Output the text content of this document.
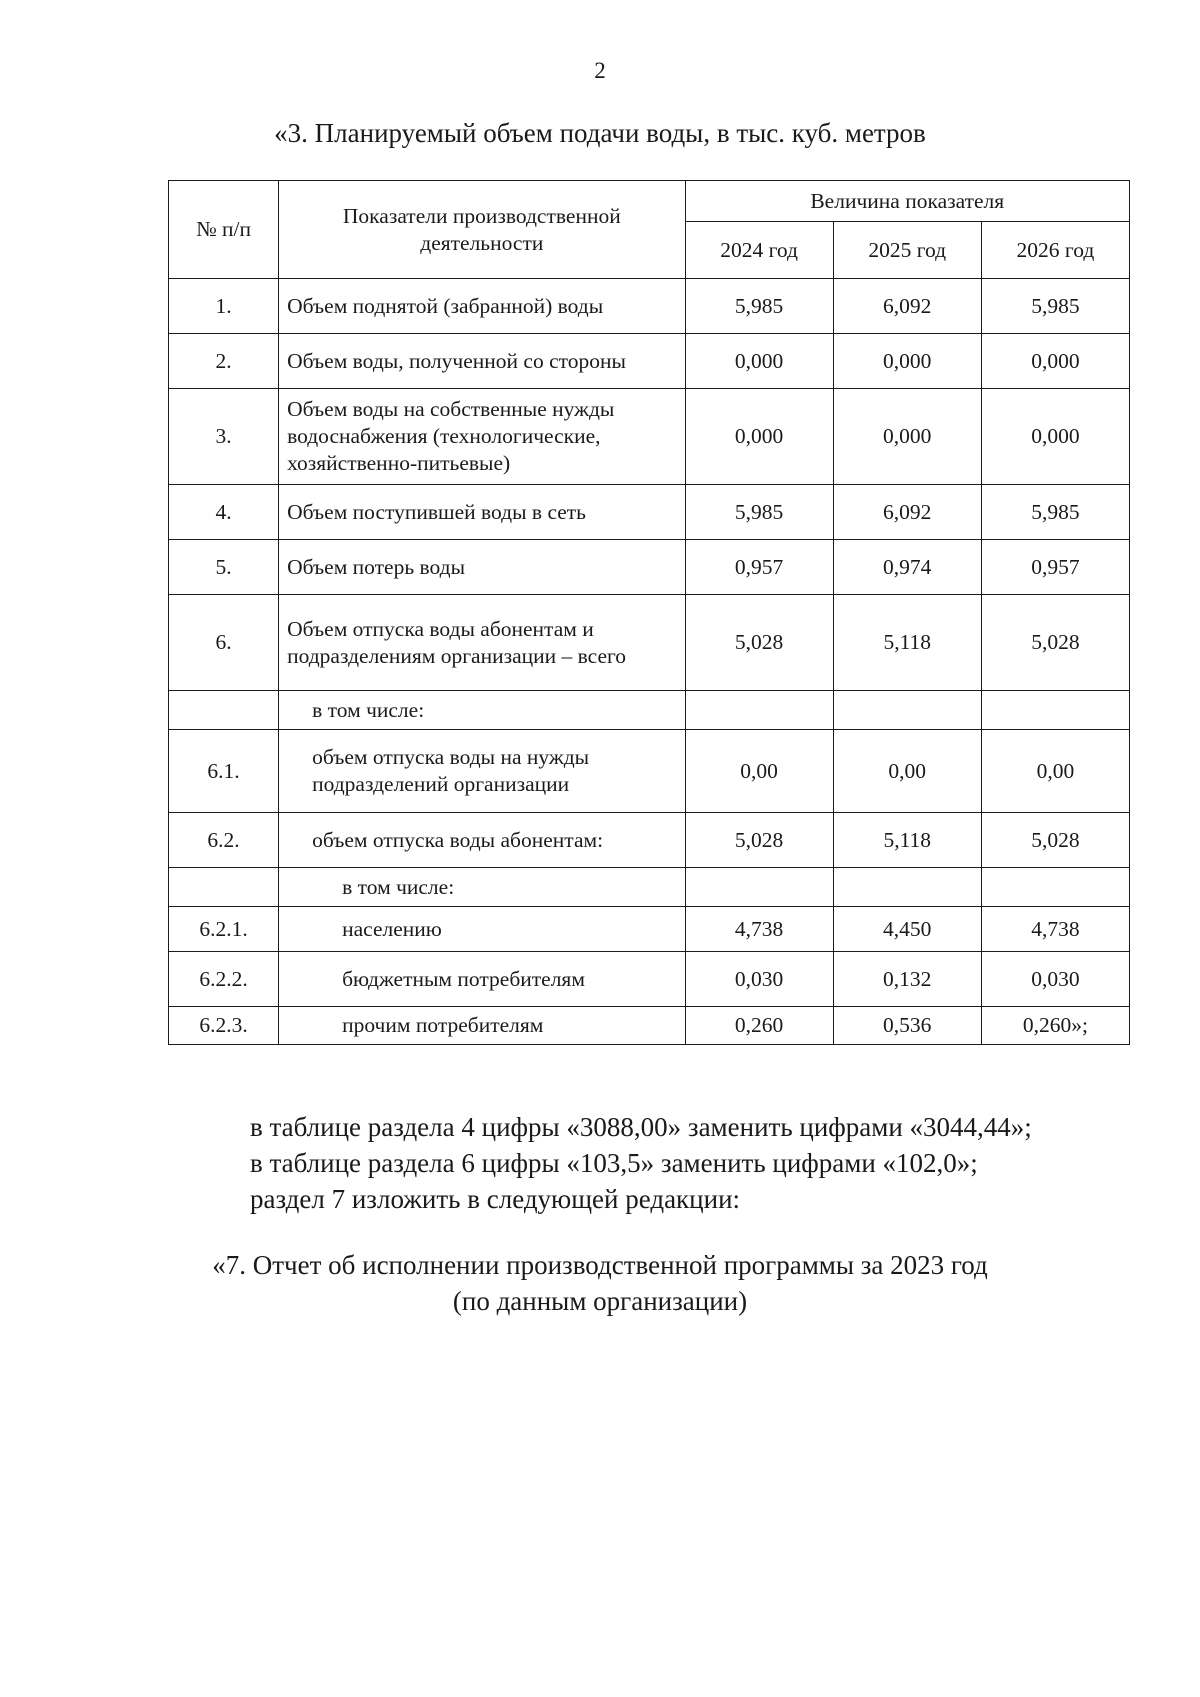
2
«3. Планируемый объем подачи воды, в тыс. куб. метров
№ п/п	Показатели производственной деятельности	Величина показателя		
		2024 год	2025 год	2026 год
1.	Объем поднятой (забранной) воды	5,985	6,092	5,985
2.	Объем воды, полученной со стороны	0,000	0,000	0,000
3.	Объем воды на собственные нужды водоснабжения (технологические, хозяйственно-питьевые)	0,000	0,000	0,000
4.	Объем поступившей воды в сеть	5,985	6,092	5,985
5.	Объем потерь воды	0,957	0,974	0,957
6.	Объем отпуска воды абонентам и подразделениям организации – всего	5,028	5,118	5,028
	в том числе:			
6.1.	объем отпуска воды на нужды подразделений организации	0,00	0,00	0,00
6.2.	объем отпуска воды абонентам:	5,028	5,118	5,028
	в том числе:			
6.2.1.	населению	4,738	4,450	4,738
6.2.2.	бюджетным потребителям	0,030	0,132	0,030
6.2.3.	прочим потребителям	0,260	0,536	0,260»;
в таблице раздела 4 цифры «3088,00» заменить цифрами «3044,44»;
в таблице раздела 6 цифры «103,5» заменить цифрами «102,0»;
раздел 7 изложить в следующей редакции:
«7. Отчет об исполнении производственной программы за 2023 год
(по данным организации)
